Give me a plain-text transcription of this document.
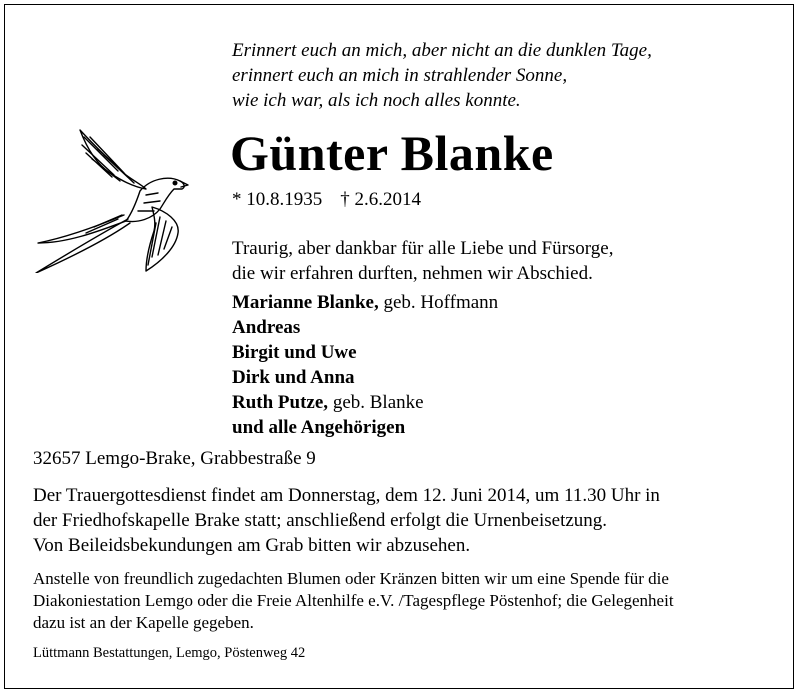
Erinnert euch an mich, aber nicht an die dunklen Tage,
erinnert euch an mich in strahlender Sonne,
wie ich war, als ich noch alles konnte.
Günter Blanke
* 10.8.1935 † 2.6.2014
Traurig, aber dankbar für alle Liebe und Fürsorge,
die wir erfahren durften, nehmen wir Abschied.
Marianne Blanke, geb. Hoffmann
Andreas
Birgit und Uwe
Dirk und Anna
Ruth Putze, geb. Blanke
und alle Angehörigen
32657 Lemgo-Brake, Grabbestraße 9
Der Trauergottesdienst findet am Donnerstag, dem 12. Juni 2014, um 11.30 Uhr in
der Friedhofskapelle Brake statt; anschließend erfolgt die Urnenbeisetzung.
Von Beileidsbekundungen am Grab bitten wir abzusehen.
Anstelle von freundlich zugedachten Blumen oder Kränzen bitten wir um eine Spende für die
Diakoniestation Lemgo oder die Freie Altenhilfe e.V. /Tagespflege Pöstenhof; die Gelegenheit
dazu ist an der Kapelle gegeben.
Lüttmann Bestattungen, Lemgo, Pöstenweg 42
